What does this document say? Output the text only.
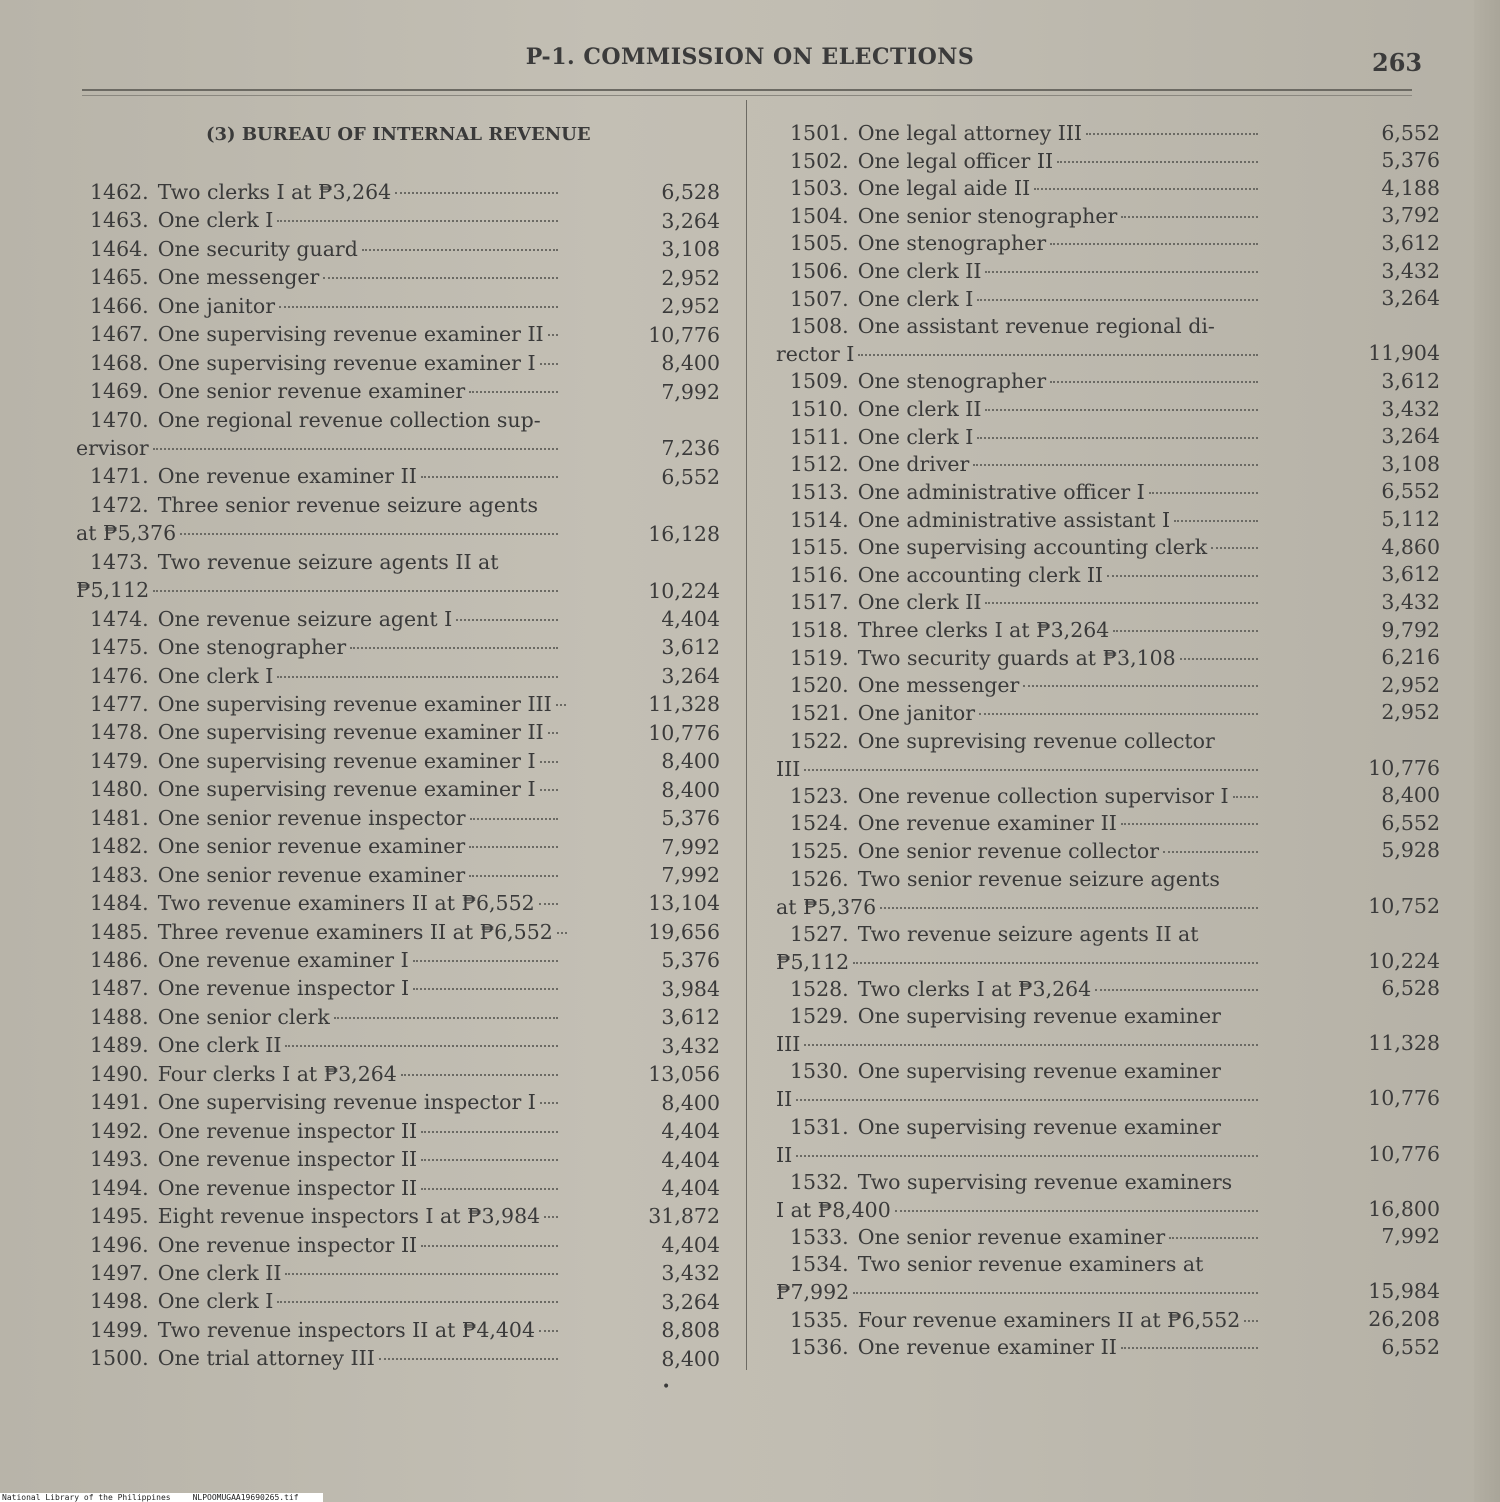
P-1. COMMISSION ON ELECTIONS	263
(3) BUREAU OF INTERNAL REVENUE
1462. Two clerks I at ₱3,264	6,528
1463. One clerk I	3,264
1464. One security guard	3,108
1465. One messenger	2,952
1466. One janitor	2,952
1467. One supervising revenue examiner II	10,776
1468. One supervising revenue examiner I	8,400
1469. One senior revenue examiner	7,992
1470. One regional revenue collection sup-
ervisor	7,236
1471. One revenue examiner II	6,552
1472. Three senior revenue seizure agents
at ₱5,376	16,128
1473. Two revenue seizure agents II at
₱5,112	10,224
1474. One revenue seizure agent I	4,404
1475. One stenographer	3,612
1476. One clerk I	3,264
1477. One supervising revenue examiner III	11,328
1478. One supervising revenue examiner II	10,776
1479. One supervising revenue examiner I	8,400
1480. One supervising revenue examiner I	8,400
1481. One senior revenue inspector	5,376
1482. One senior revenue examiner	7,992
1483. One senior revenue examiner	7,992
1484. Two revenue examiners II at ₱6,552	13,104
1485. Three revenue examiners II at ₱6,552	19,656
1486. One revenue examiner I	5,376
1487. One revenue inspector I	3,984
1488. One senior clerk	3,612
1489. One clerk II	3,432
1490. Four clerks I at ₱3,264	13,056
1491. One supervising revenue inspector I	8,400
1492. One revenue inspector II	4,404
1493. One revenue inspector II	4,404
1494. One revenue inspector II	4,404
1495. Eight revenue inspectors I at ₱3,984	31,872
1496. One revenue inspector II	4,404
1497. One clerk II	3,432
1498. One clerk I	3,264
1499. Two revenue inspectors II at ₱4,404	8,808
1500. One trial attorney III	8,400
1501. One legal attorney III	6,552
1502. One legal officer II	5,376
1503. One legal aide II	4,188
1504. One senior stenographer	3,792
1505. One stenographer	3,612
1506. One clerk II	3,432
1507. One clerk I	3,264
1508. One assistant revenue regional di-
rector I	11,904
1509. One stenographer	3,612
1510. One clerk II	3,432
1511. One clerk I	3,264
1512. One driver	3,108
1513. One administrative officer I	6,552
1514. One administrative assistant I	5,112
1515. One supervising accounting clerk	4,860
1516. One accounting clerk II	3,612
1517. One clerk II	3,432
1518. Three clerks I at ₱3,264	9,792
1519. Two security guards at ₱3,108	6,216
1520. One messenger	2,952
1521. One janitor	2,952
1522. One suprevising revenue collector
III	10,776
1523. One revenue collection supervisor I	8,400
1524. One revenue examiner II	6,552
1525. One senior revenue collector	5,928
1526. Two senior revenue seizure agents
at ₱5,376	10,752
1527. Two revenue seizure agents II at
₱5,112	10,224
1528. Two clerks I at ₱3,264	6,528
1529. One supervising revenue examiner
III	11,328
1530. One supervising revenue examiner
II	10,776
1531. One supervising revenue examiner
II	10,776
1532. Two supervising revenue examiners
I at ₱8,400	16,800
1533. One senior revenue examiner	7,992
1534. Two senior revenue examiners at
₱7,992	15,984
1535. Four revenue examiners II at ₱6,552	26,208
1536. One revenue examiner II	6,552
•
National Library of the Philippines	NLPOOMUGAA19690265.tif
